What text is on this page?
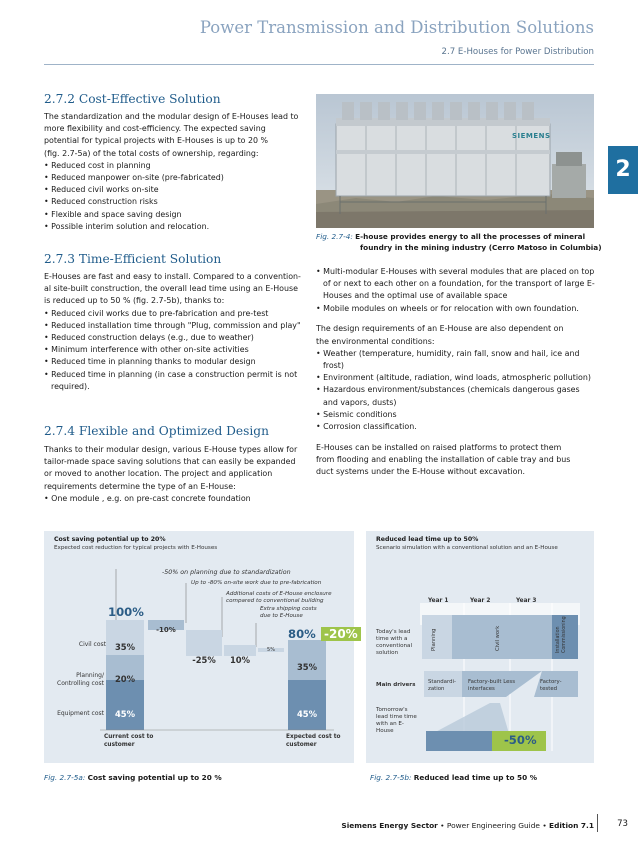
Power Transmission and Distribution Solutions
2.7 E-Houses for Power Distribution
2
2.7.2 Cost-Effective Solution

The standardization and the modular design of E-Houses lead to

more flexibility and cost-efficiency. The expected saving

potential for typical projects with E-Houses is up to 20 %

(fig. 2.7-5a) of the total costs of ownership, regarding:

• Reduced cost in planning
• Reduced manpower on-site (pre-fabricated)
• Reduced civil works on-site
• Reduced construction risks
• Flexible and space saving design
• Possible interim solution and relocation.
SIEMENS
Fig. 2.7-4: E-house provides energy to all the processes of mineral
foundry in the mining industry (Cerro Matoso in Columbia)
2.7.3 Time-Efficient Solution

E-Houses are fast and easy to install. Compared to a convention-

al site-built construction, the overall lead time using an E-House

is reduced up to 50 % (fig. 2.7-5b), thanks to:

• Reduced civil works due to pre-fabrication and pre-test
• Reduced installation time through "Plug, commission and play"
• Reduced construction delays (e.g., due to weather)
• Minimum interference with other on-site activities
• Reduced time in planning thanks to modular design
• Reduced time in planning (in case a construction permit is not required).
2.7.4 Flexible and Optimized Design

Thanks to their modular design, various E-House types allow for

tailor-made space saving solutions that can easily be expanded

or moved to another location. The project and application

requirements determine the type of an E-House:

• One module , e.g. on pre-cast concrete foundation
• Multi-modular E-Houses with several modules that are placed on top of or next to each other on a foundation, for the transport of large E-Houses and the optimal use of available space
• Mobile modules on wheels or for relocation with own foundation.

The design requirements of an E-House are also dependent on

the environmental conditions:

• Weather (temperature, humidity, rain fall, snow and hail, ice and frost)
• Environment (altitude, radiation, wind loads, atmospheric pollution)
• Hazardous environment/substances (chemicals dangerous gases and vapors, dusts)
• Seismic conditions
• Corrosion classification.

E-Houses can be installed on raised platforms to protect them

from flooding and enabling the installation of cable tray and bus

duct systems under the E-House without excavation.

Cost saving potential up to 20%
Expected cost reduction for typical projects with E-Houses
-50% on planning due to standardization
Up to -80% on-site work due to pre-fabrication
Additional costs of E-House enclosure compared to conventional building
Extra shipping costs due to E-House
100%
80% -20%
35%
20%
45%
-10%
-25%	10%
5%
35%
45%
Civil cost
Planning/ Controlling cost
Equipment cost
Current cost to customer
Expected cost to customer
Reduced lead time up to 50%
Scenario simulation with a conventional solution and an E-House
Year 1	Year 2	Year 3
Planning	Civil work	Installation Commissioning
Today's lead time with a conventional solution
Main drivers
Tomorrow's lead time time with an E-House
Standardi- zation
Factory-built Less interfaces
Factory- tested
-50%
Fig. 2.7-5a: Cost saving potential up to 20 %	Fig. 2.7-5b: Reduced lead time up to 50 %
Siemens Energy Sector • Power Engineering Guide • Edition 7.1	73
